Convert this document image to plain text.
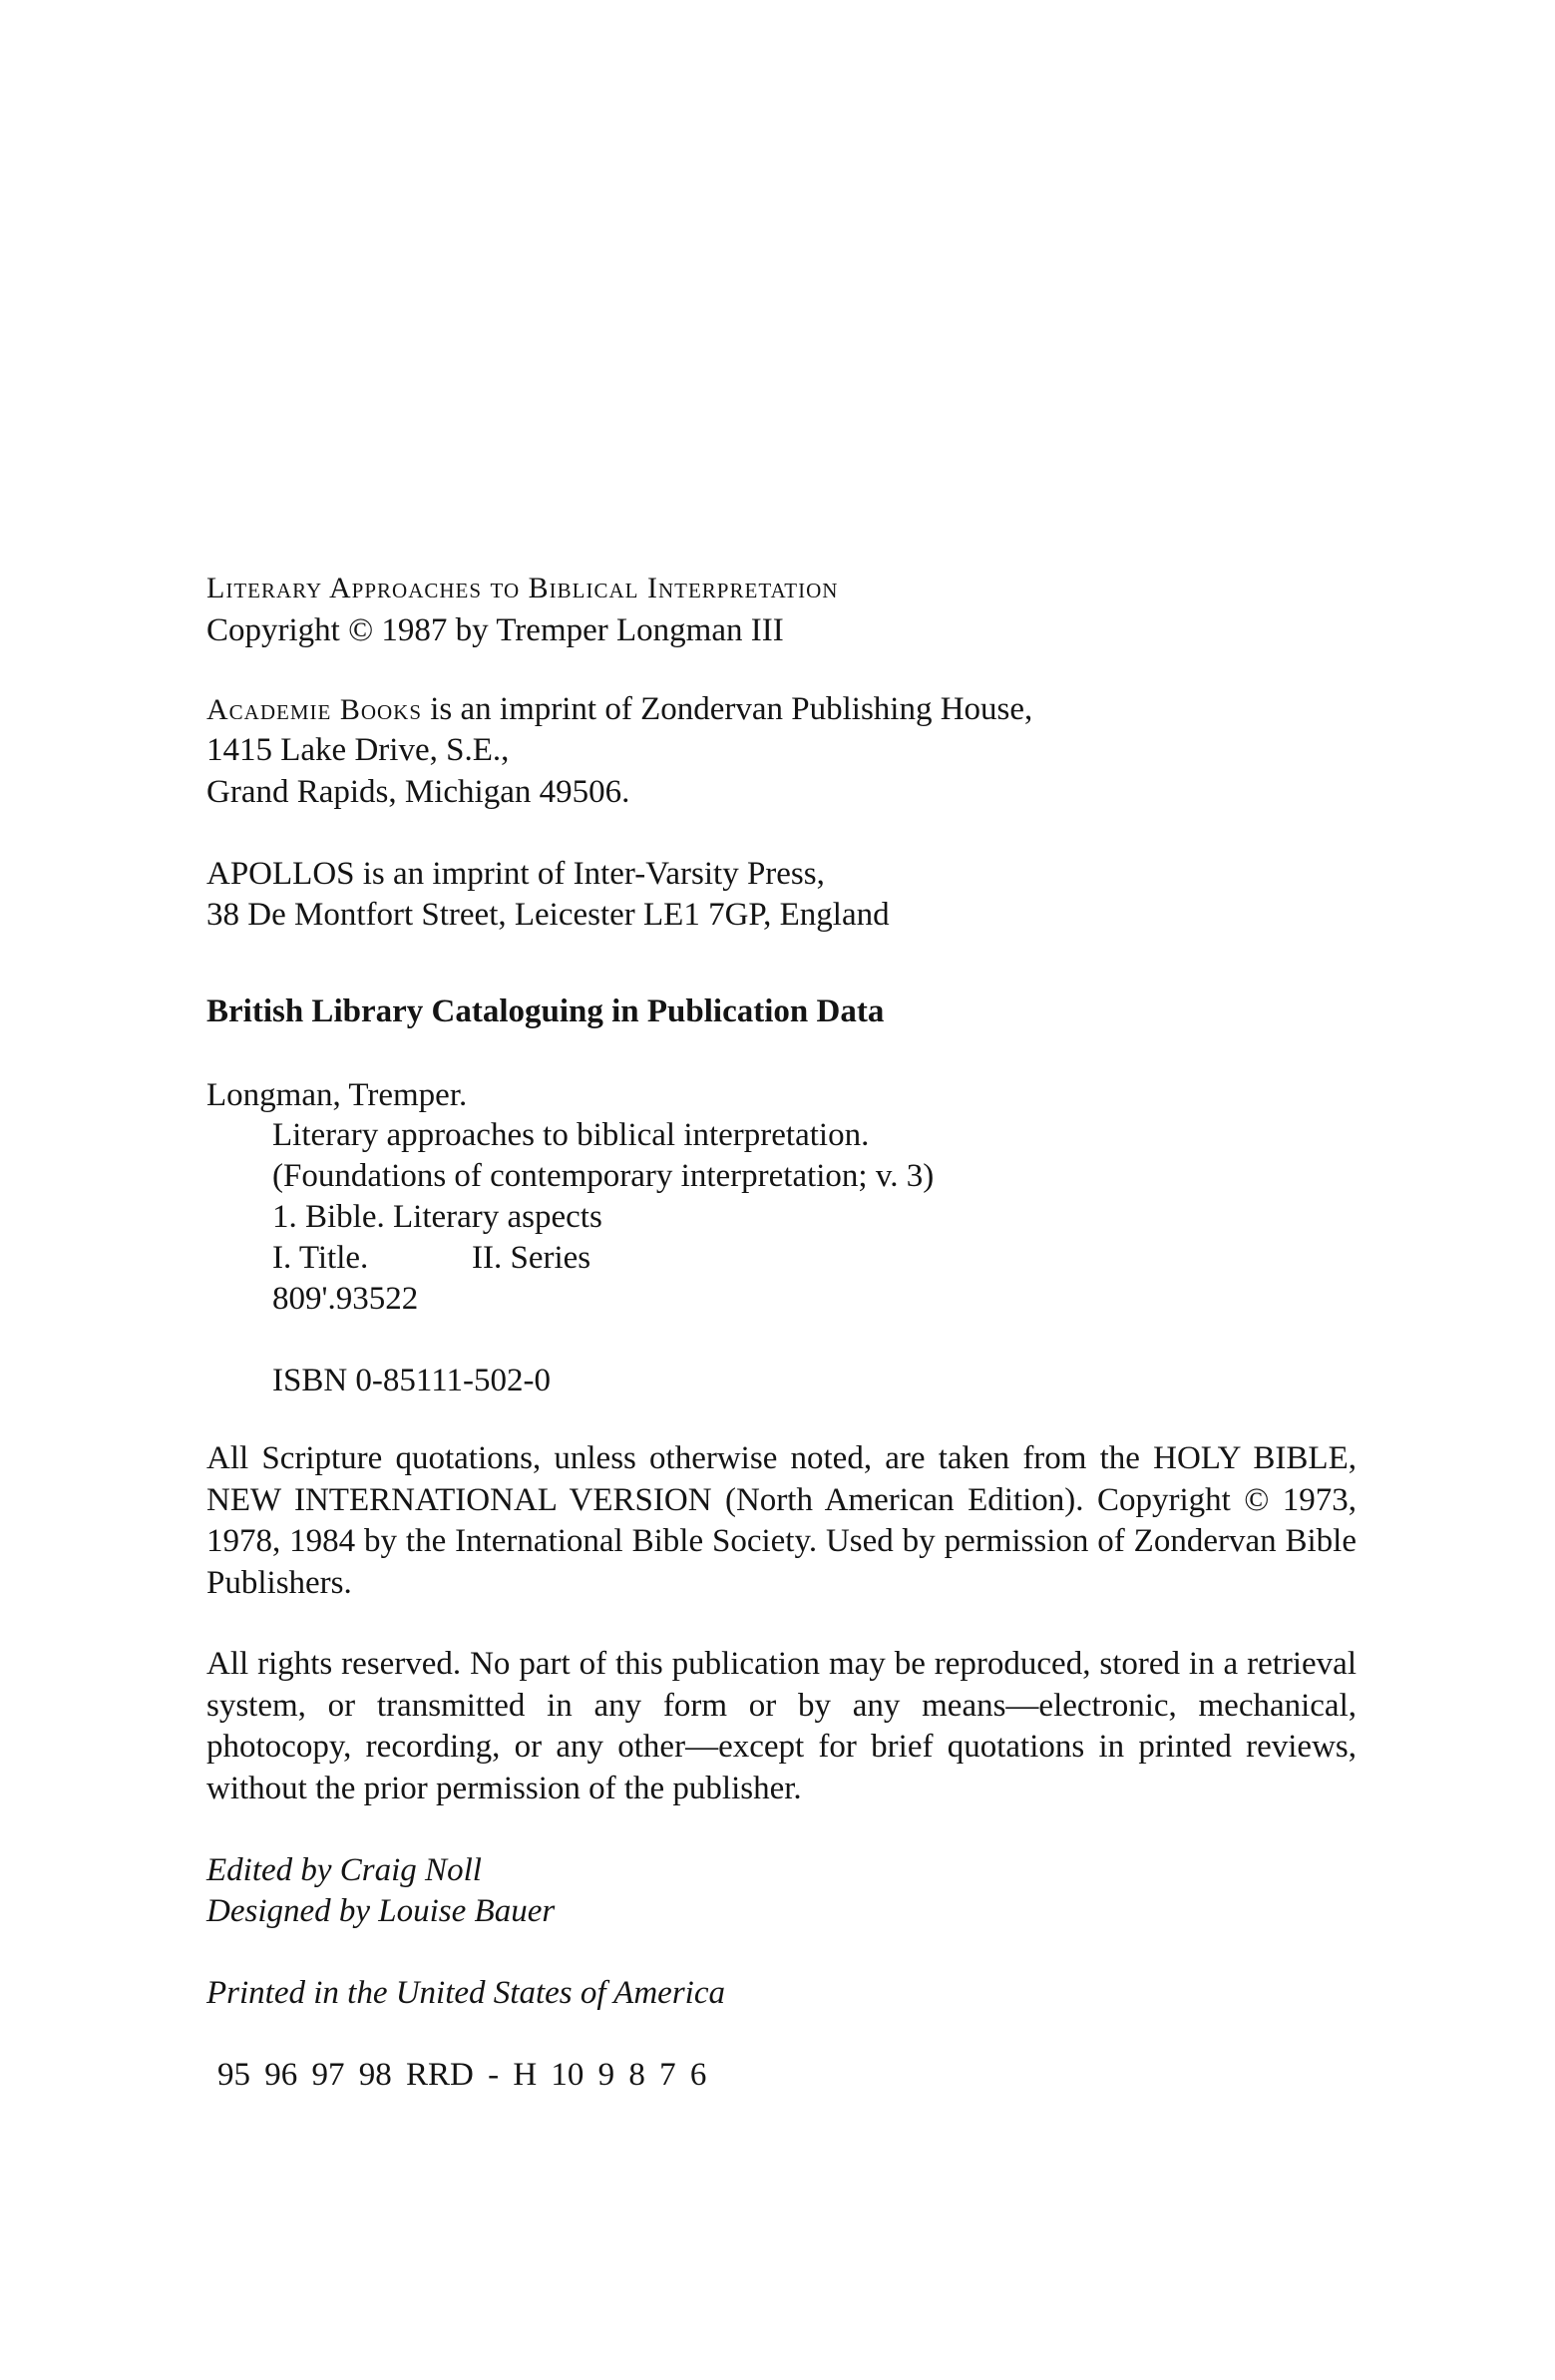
Literary Approaches to Biblical Interpretation
Copyright © 1987 by Tremper Longman III
Academie Books is an imprint of Zondervan Publishing House,
1415 Lake Drive, S.E.,
Grand Rapids, Michigan 49506.
APOLLOS is an imprint of Inter-Varsity Press,
38 De Montfort Street, Leicester LE1 7GP, England
British Library Cataloguing in Publication Data
Longman, Tremper.
Literary approaches to biblical interpretation.
(Foundations of contemporary interpretation; v. 3)
1. Bible. Literary aspects
I. Title.	II. Series
809'.93522
ISBN 0-85111-502-0
All Scripture quotations, unless otherwise noted, are taken from the HOLY BIBLE, NEW INTERNATIONAL VERSION (North American Edition). Copyright © 1973, 1978, 1984 by the International Bible Society. Used by permission of Zondervan Bible Publishers.
All rights reserved. No part of this publication may be reproduced, stored in a retrieval system, or transmitted in any form or by any means—electronic, mechanical, photocopy, recording, or any other—except for brief quotations in printed reviews, without the prior permission of the publisher.
Edited by Craig Noll
Designed by Louise Bauer
Printed in the United States of America
95 96 97 98 RRD - H 10 9 8 7 6
